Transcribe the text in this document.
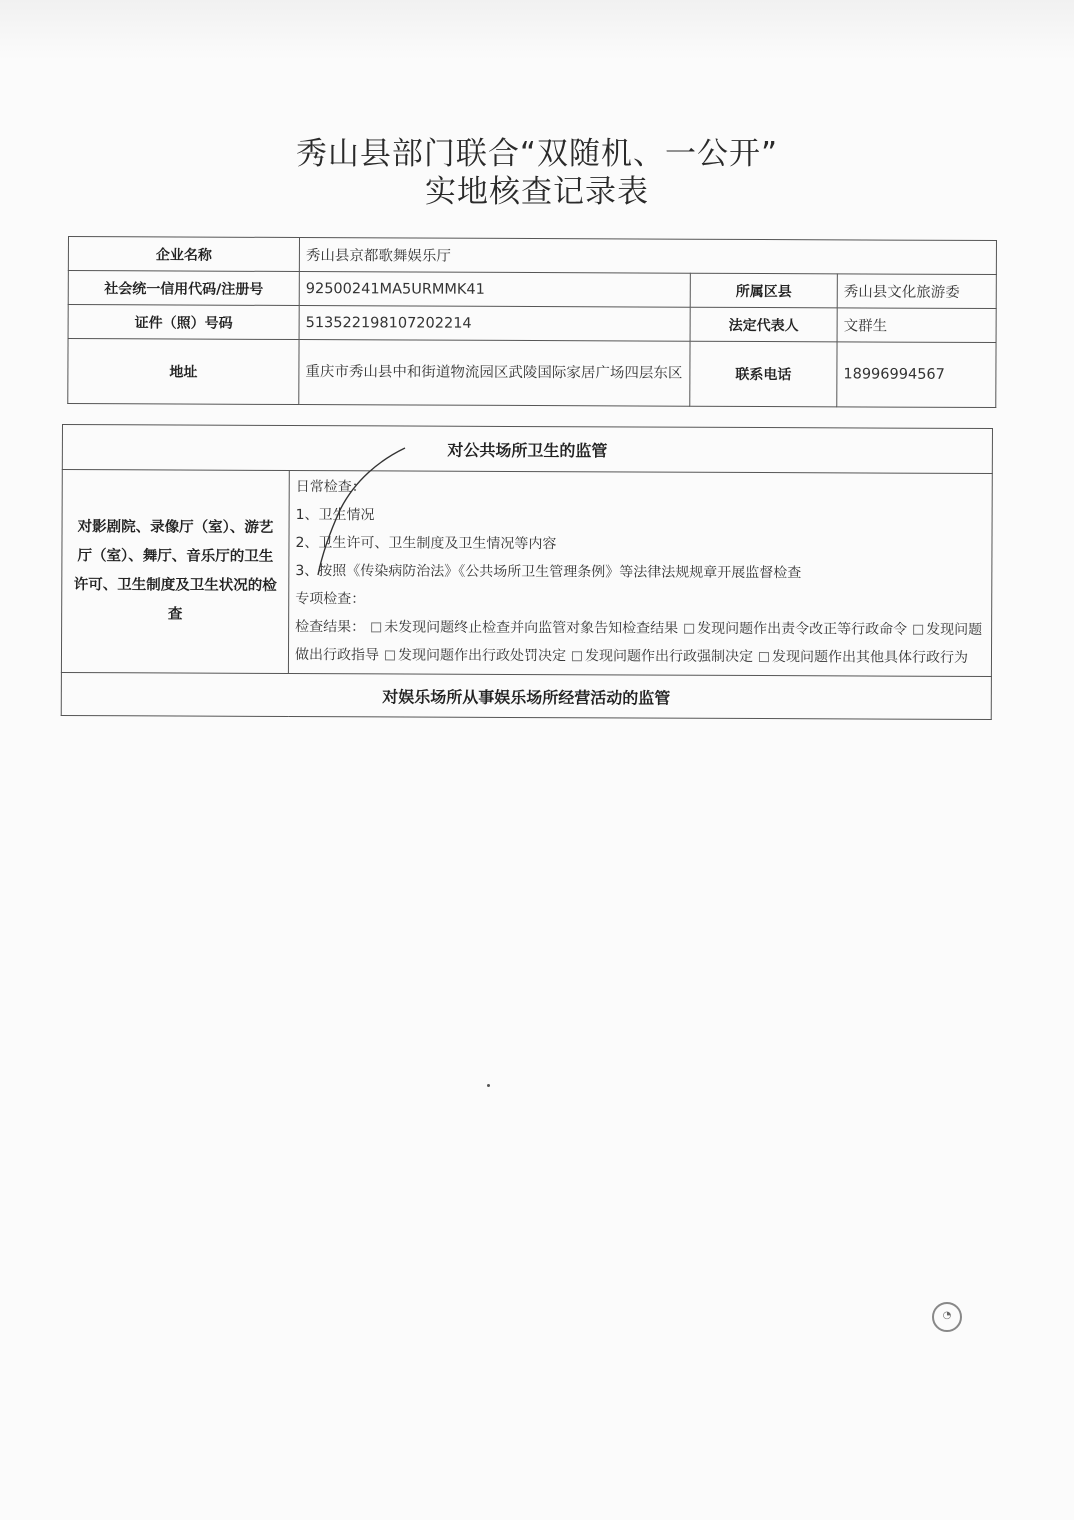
秀山县部门联合“双随机、一公开”
实地核查记录表
企业名称	秀山县京都歌舞娱乐厅		
社会统一信用代码/注册号	92500241MA5URMMK41	所属区县	秀山县文化旅游委
证件（照）号码	513522198107202214	法定代表人	文群生
地址	重庆市秀山县中和街道物流园区武陵国际家居广场四层东区	联系电话	18996994567
对公共场所卫生的监管
对影剧院、录像厅（室）、游艺厅（室）、舞厅、音乐厅的卫生许可、卫生制度及卫生状况的检查	
日常检查：
1、卫生情况
2、卫生许可、卫生制度及卫生情况等内容
3、按照《传染病防治法》《公共场所卫生管理条例》等法律法规规章开展监督检查
专项检查：
检查结果： 未发现问题终止检查并向监管对象告知检查结果 发现问题作出责令改正等行政命令 发现问题做出行政指导 发现问题作出行政处罚决定 发现问题作出行政强制决定 发现问题作出其他具体行政行为

对娱乐场所从事娱乐场所经营活动的监管
◔
